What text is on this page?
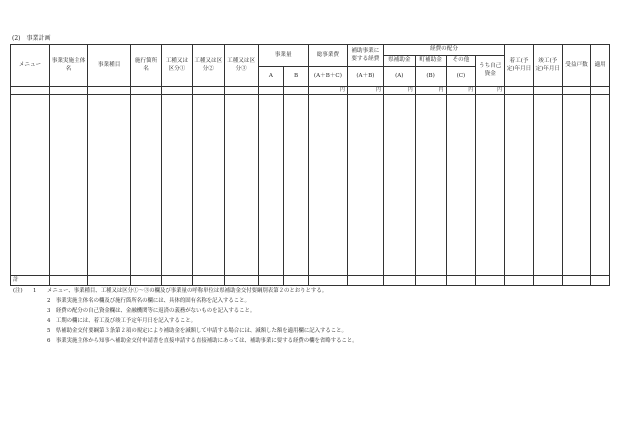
(2)　事業計画
メニュー	事業実施主体名	事業種目	施行箇所名	工種又は区分①	工種又は区分②	工種又は区分③	事業量		総事業費	補助事業に要する経費	経費の配分				着工(予定)年月日	竣工(予定)年月日	受益戸数	適用
											県補助金	町補助金	その他	うち自己資金				
							A	B	(A＋B＋C)	(A＋B)	(A)	(B)	(C)					
									円	円	円	円	円	円				

計																		
(注) 1 メニュー、事業種目、工種又は区分①～③の欄及び事業量の呼称単位は県補助金交付要綱別表第２のとおりとする。
2　 事業実施主体名の欄及び施行箇所名の欄には、具体的固有名称を記入すること。
3　 経費の配分の自己資金欄は、金融機関等に返済の義務がないものを記入すること。
4　 工期の欄には、着工及び竣工予定年月日を記入すること。
5　 県補助金交付要綱第３条第２項の規定により補助金を減額して申請する場合には、減額した額を適用欄に記入すること。
6　 事業実施主体から知事へ補助金交付申請書を直接申請する直接補助にあっては、補助事業に要する経費の欄を省略すること。
